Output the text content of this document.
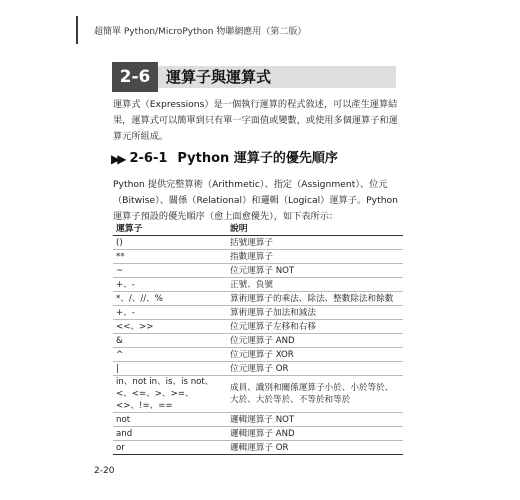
超簡單 Python/MicroPython 物聯網應用（第二版）
2-6	運算子與運算式
運算式（Expressions）是一個執行運算的程式敘述，可以產生運算結果，運算式可以簡單到只有單一字面值或變數，或使用多個運算子和運算元所組成。
▶▶ 2-6-1 Python 運算子的優先順序
Python 提供完整算術（Arithmetic）、指定（Assignment）、位元（Bitwise）、關係（Relational）和邏輯（Logical）運算子。Python 運算子預設的優先順序（愈上面愈優先），如下表所示：
運算子	說明
()	括號運算子
**	指數運算子
~	位元運算子 NOT
+、-	正號、負號
*、/、//、%	算術運算子的乘法、除法、整數除法和餘數
+、-	算術運算子加法和減法
<<、>>	位元運算子左移和右移
&	位元運算子 AND
^	位元運算子 XOR
|	位元運算子 OR
in、not in、is、is not、<、<=、>、>=、<>、!=、==	成員、識別和關係運算子小於、小於等於、大於、大於等於、不等於和等於
not	邏輯運算子 NOT
and	邏輯運算子 AND
or	邏輯運算子 OR
2-20
